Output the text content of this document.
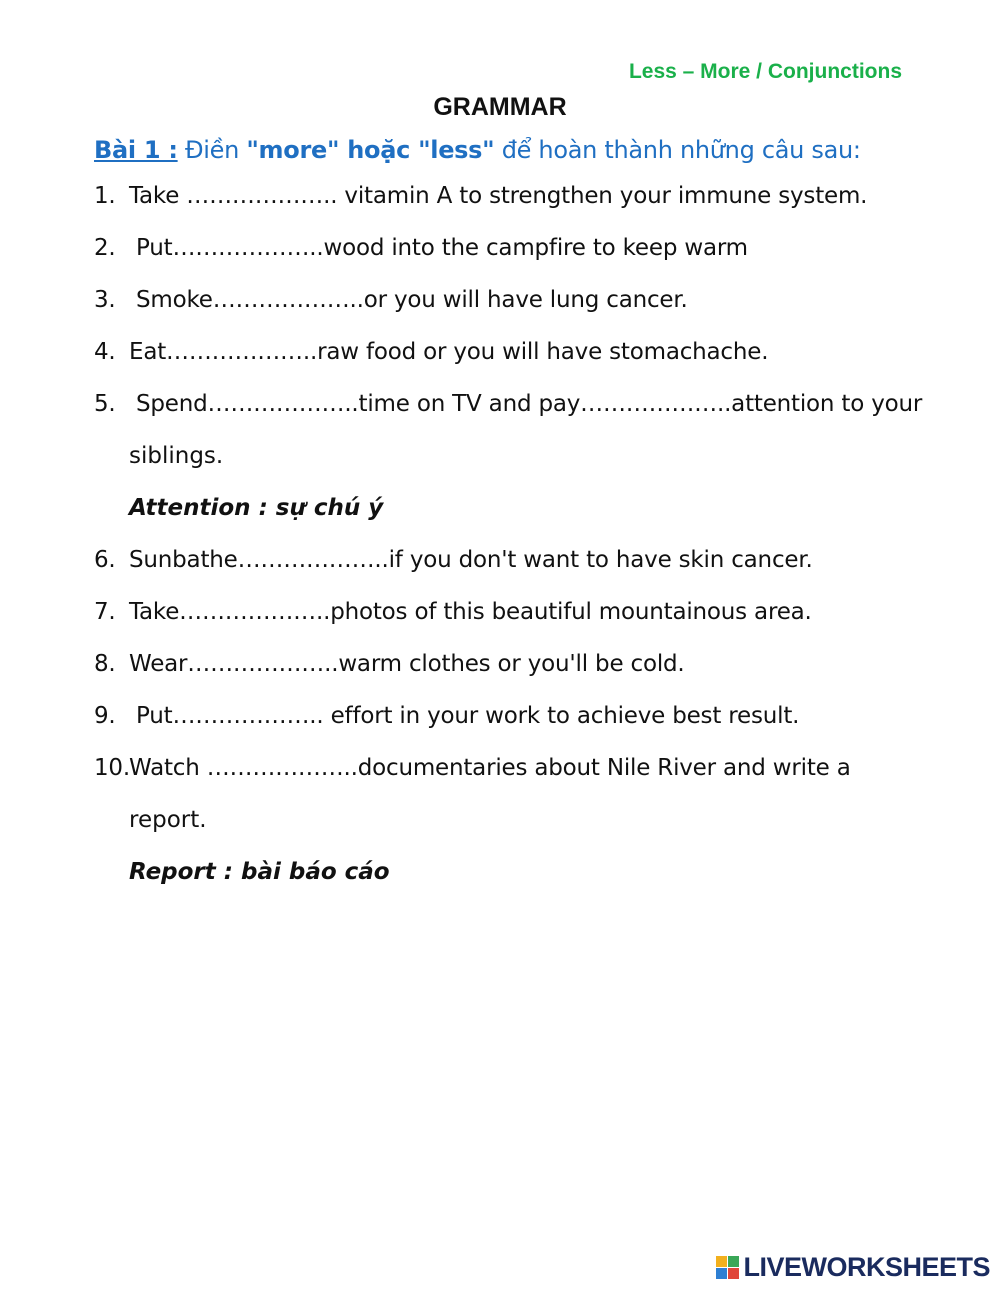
Less – More / Conjunctions
GRAMMAR
Bài 1 : Điền "more" hoặc "less" để hoàn thành những câu sau:
1. Take ……………….. vitamin A to strengthen your immune system.
2. Put………………..wood into the campfire to keep warm
3. Smoke………………..or you will have lung cancer.
4. Eat………………..raw food or you will have stomachache.
5. Spend………………..time on TV and pay………………..attention to your
siblings.
Attention : sự chú ý
6. Sunbathe………………..if you don't want to have skin cancer.
7. Take………………..photos of this beautiful mountainous area.
8. Wear………………..warm clothes or you'll be cold.
9. Put……………….. effort in your work to achieve best result.
10.Watch ………………..documentaries about Nile River and write a
report.
Report : bài báo cáo
LIVEWORKSHEETS
